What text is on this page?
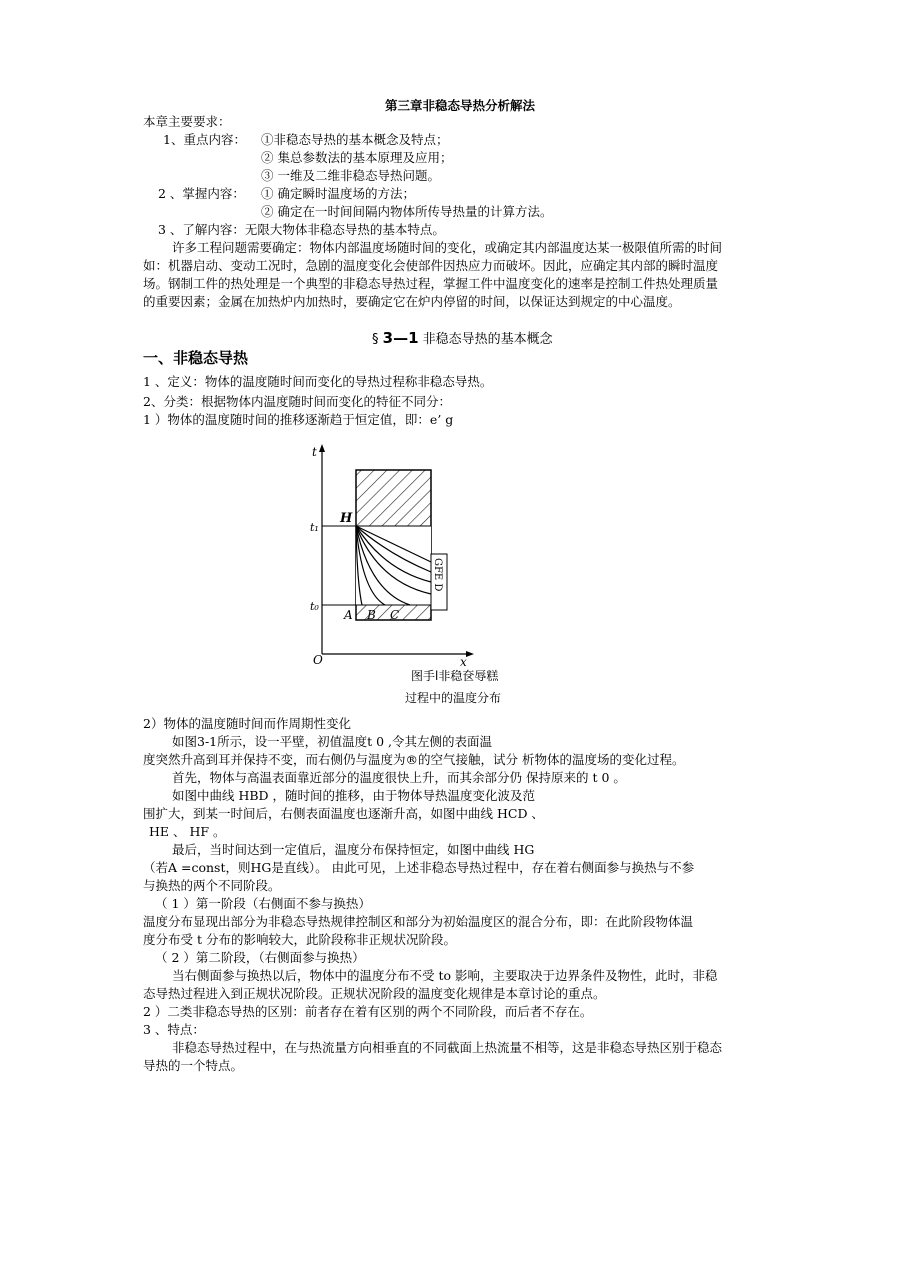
第三章非稳态导热分析解法
本章主要要求：
1、重点内容： ①非稳态导热的基本概念及特点；
② 集总参数法的基本原理及应用；
③ 一维及二维非稳态导热问题。
2 、掌握内容： ① 确定瞬时温度场的方法；
② 确定在一时间间隔内物体所传导热量的计算方法。
3 、了解内容：无限大物体非稳态导热的基本特点。
许多工程问题需要确定：物体内部温度场随时间的变化，或确定其内部温度达某一极限值所需的时间
如：机器启动、变动工况时，急剧的温度变化会使部件因热应力而破坏。因此，应确定其内部的瞬时温度
场。钢制工件的热处理是一个典型的非稳态导热过程，掌握工件中温度变化的速率是控制工件热处理质量
的重要因素；金属在加热炉内加热时，要确定它在炉内停留的时间，以保证达到规定的中心温度。
§ 3—1 非稳态导热的基本概念
一、非稳态导热
1 、定义：物体的温度随时间而变化的导热过程称非稳态导热。
2、分类：根据物体内温度随时间而变化的特征不同分：
1 ）物体的温度随时间的推移逐渐趋于恒定值，即：e’ g
t
x
O
t₁
t₀
H
A B C
GFE D
图手l非稳奁辱糕
过程中的温度分布
2）物体的温度随时间而作周期性变化
如图3-1所示，设一平壁，初值温度t 0 ,令其左侧的表面温
度突然升高到耳并保持不变，而右侧仍与温度为®的空气接触，试分 析物体的温度场的变化过程。
首先，物体与高温表面靠近部分的温度很快上升，而其余部分仍 保持原来的 t 0 。
如图中曲线 HBD ，随时间的推移，由于物体导热温度变化波及范
围扩大，到某一时间后，右侧表面温度也逐渐升高，如图中曲线 HCD 、
HE 、 HF 。
最后，当时间达到一定值后，温度分布保持恒定，如图中曲线 HG
（若A =const，则HG是直线）。 由此可见，上述非稳态导热过程中，存在着右侧面参与换热与不参
与换热的两个不同阶段。
（ 1 ）第一阶段（右侧面不参与换热）
温度分布显现出部分为非稳态导热规律控制区和部分为初始温度区的混合分布，即：在此阶段物体温
度分布受 t 分布的影响较大，此阶段称非正规状况阶段。
（ 2 ）第二阶段，（右侧面参与换热）
当右侧面参与换热以后，物体中的温度分布不受 to 影响，主要取决于边界条件及物性，此时，非稳
态导热过程进入到正规状况阶段。正规状况阶段的温度变化规律是本章讨论的重点。
2 ）二类非稳态导热的区别：前者存在着有区别的两个不同阶段，而后者不存在。
3 、特点：
非稳态导热过程中，在与热流量方向相垂直的不同截面上热流量不相等，这是非稳态导热区别于稳态
导热的一个特点。
